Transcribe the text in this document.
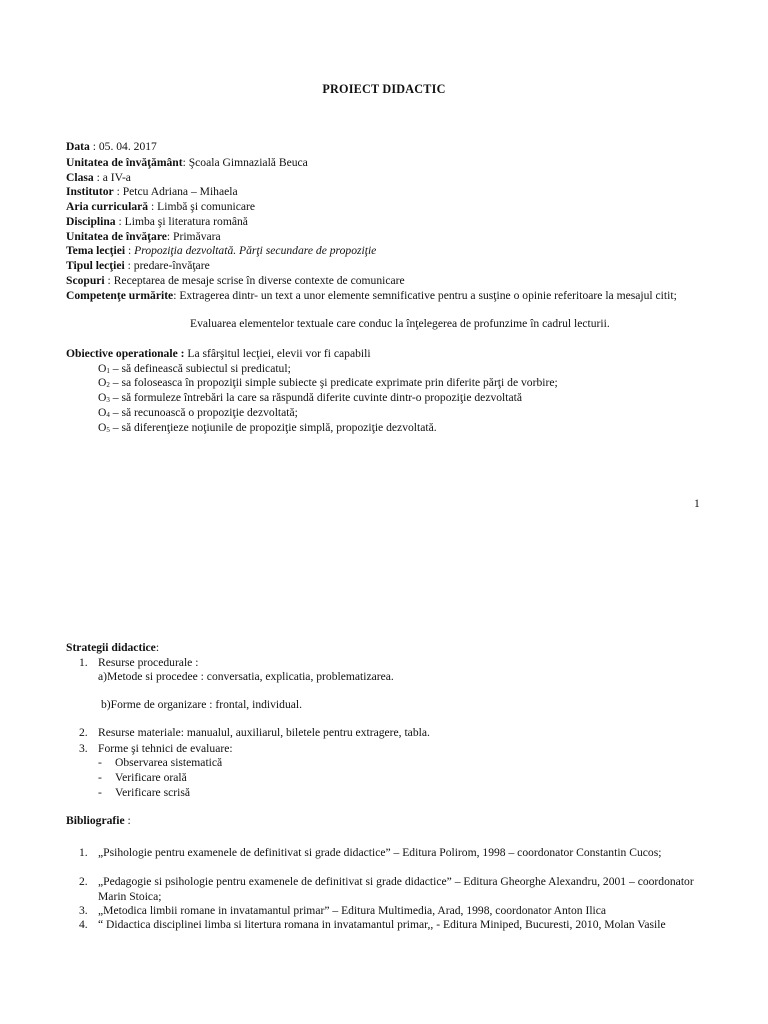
PROIECT DIDACTIC
Data : 05. 04. 2017
Unitatea de învăţământ: Şcoala Gimnazială Beuca
Clasa : a IV-a
Institutor : Petcu Adriana – Mihaela
Aria curriculară : Limbă şi comunicare
Disciplina : Limba şi literatura română
Unitatea de învăţare: Primăvara
Tema lecţiei : Propoziţia dezvoltată. Părţi secundare de propoziţie
Tipul lecţiei : predare-învăţare
Scopuri : Receptarea de mesaje scrise în diverse contexte de comunicare
Competenţe urmărite: Extragerea dintr- un text a unor elemente semnificative pentru a susţine o opinie referitoare la mesajul citit;
Evaluarea elementelor textuale care conduc la înţelegerea de profunzime în cadrul lecturii.
Obiective operationale : La sfârşitul lecţiei, elevii vor fi capabili
$O_1$ – să definească subiectul si predicatul;
$O_2$ – sa foloseasca în propoziţii simple subiecte şi predicate exprimate prin diferite părţi de vorbire;
$O_3$ – să formuleze întrebări la care sa răspundă diferite cuvinte dintr-o propoziţie dezvoltată
$O_4$ – să recunoască o propoziţie dezvoltată;
$O_5$ – să diferenţieze noţiunile de propoziţie simplă, propoziţie dezvoltată.
1
Strategii didactice:
1. Resurse procedurale :
a)Metode si procedee : conversatia, explicatia, problematizarea.
b)Forme de organizare : frontal, individual.
2. Resurse materiale: manualul, auxiliarul, biletele pentru extragere, tabla.
3. Forme şi tehnici de evaluare:
- Observarea sistematică
- Verificare orală
- Verificare scrisă
Bibliografie :
1. „Psihologie pentru examenele de definitivat si grade didactice” – Editura Polirom, 1998 – coordonator Constantin Cucos;
2. „Pedagogie si psihologie pentru examenele de definitivat si grade didactice” – Editura Gheorghe Alexandru, 2001 – coordonator Marin Stoica;
3. „Metodica limbii romane in invatamantul primar” – Editura Multimedia, Arad, 1998, coordonator Anton Ilica
4. “ Didactica disciplinei limba si litertura romana in invatamantul primar,, - Editura Miniped, Bucuresti, 2010, Molan Vasile
